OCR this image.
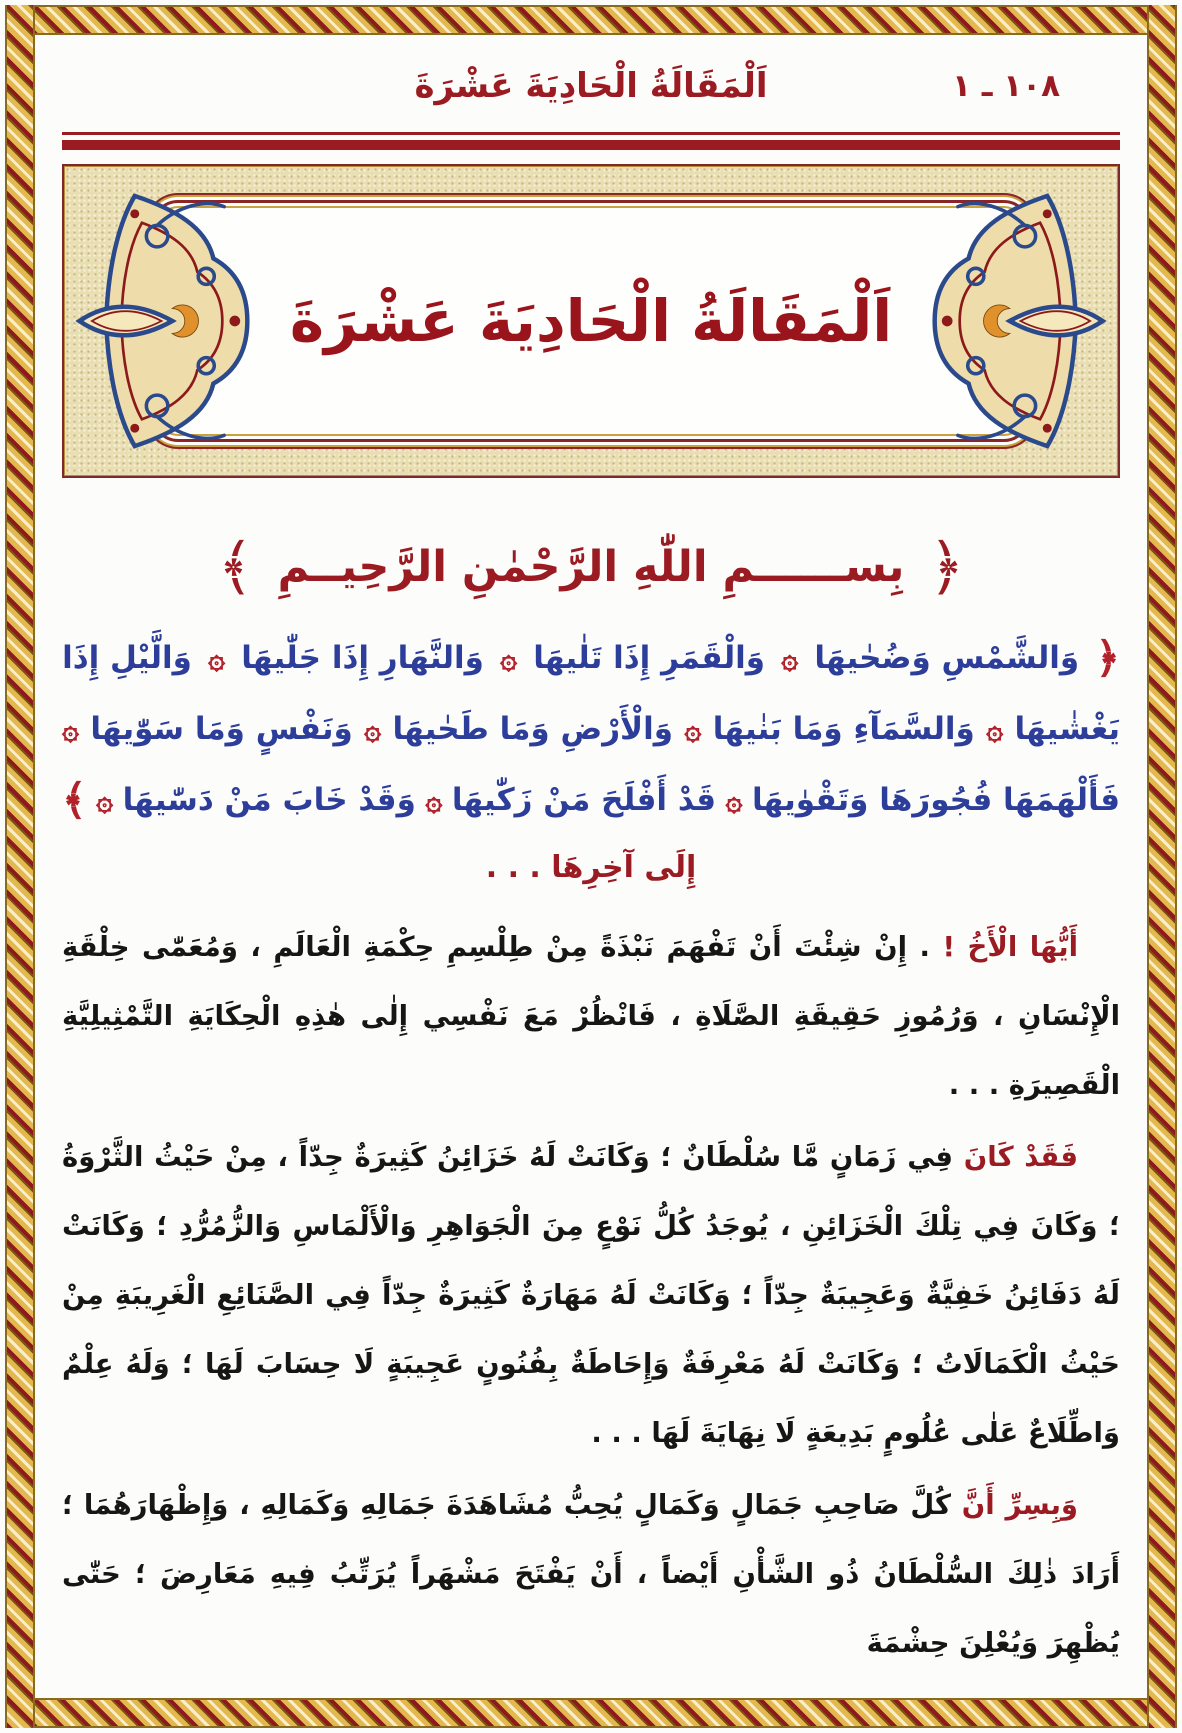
اَلْمَقَالَةُ الْحَادِيَةَ عَشْرَةَ	١٠٨ ـ ١
اَلْمَقَالَةُ الْحَادِيَةَ عَشْرَةَ
﴿
بِســــــمِ اللّٰهِ الرَّحْمٰنِ الرَّحِيــمِ
﴾
﴿
وَالشَّمْسِ وَضُحٰيهَا
۞
وَالْقَمَرِ إِذَا تَلٰيهَا
۞
وَالنَّهَارِ إِذَا جَلّٰيهَا
۞
وَالَّيْلِ إِذَا
يَغْشٰيهَا
۞
وَالسَّمَآءِ وَمَا بَنٰيهَا
۞
وَالْأَرْضِ وَمَا طَحٰيهَا
۞
وَنَفْسٍ وَمَا سَوّٰيهَا
۞
فَأَلْهَمَهَا فُجُورَهَا وَتَقْوٰيهَا
۞
قَدْ أَفْلَحَ مَنْ زَكّٰيهَا
۞
وَقَدْ خَابَ مَنْ دَسّٰيهَا
۞
﴾
إِلَى آخِرِهَا . . .

أَيُّهَا الْأَخُ ! . إِنْ شِئْتَ أَنْ تَفْهَمَ نَبْذَةً مِنْ طِلْسِمِ حِكْمَةِ الْعَالَمِ ، وَمُعَمّٰى خِلْقَةِ الْإِنْسَانِ ، وَرُمُوزِ حَقِيقَةِ الصَّلَاةِ ، فَانْظُرْ مَعَ نَفْسِي إِلٰى هٰذِهِ الْحِكَايَةِ التَّمْثِيلِيَّةِ الْقَصِيرَةِ . . .

فَقَدْ كَانَ فِي زَمَانٍ مَّا سُلْطَانٌ ؛ وَكَانَتْ لَهُ خَزَائِنُ كَثِيرَةٌ جِدّاً ، مِنْ حَيْثُ الثَّرْوَةُ ؛ وَكَانَ فِي تِلْكَ الْخَزَائِنِ ، يُوجَدُ كُلُّ نَوْعٍ مِنَ الْجَوَاهِرِ وَالْأَلْمَاسِ وَالزُّمُرُّدِ ؛ وَكَانَتْ لَهُ دَفَائِنُ خَفِيَّةٌ وَعَجِيبَةٌ جِدّاً ؛ وَكَانَتْ لَهُ مَهَارَةٌ كَثِيرَةٌ جِدّاً فِي الصَّنَائِعِ الْغَرِيبَةِ مِنْ حَيْثُ الْكَمَالَاتُ ؛ وَكَانَتْ لَهُ مَعْرِفَةٌ وَإِحَاطَةٌ بِفُنُونٍ عَجِيبَةٍ لَا حِسَابَ لَهَا ؛ وَلَهُ عِلْمٌ وَاطِّلَاعٌ عَلٰى عُلُومٍ بَدِيعَةٍ لَا نِهَايَةَ لَهَا . . .

وَبِسِرِّ أَنَّ كُلَّ صَاحِبِ جَمَالٍ وَكَمَالٍ يُحِبُّ مُشَاهَدَةَ جَمَالِهِ وَكَمَالِهِ ، وَإِظْهَارَهُمَا ؛ أَرَادَ ذٰلِكَ السُّلْطَانُ ذُو الشَّأْنِ أَيْضاً ، أَنْ يَفْتَحَ مَشْهَراً يُرَتِّبُ فِيهِ مَعَارِضَ ؛ حَتّٰى يُظْهِرَ وَيُعْلِنَ حِشْمَةَ
